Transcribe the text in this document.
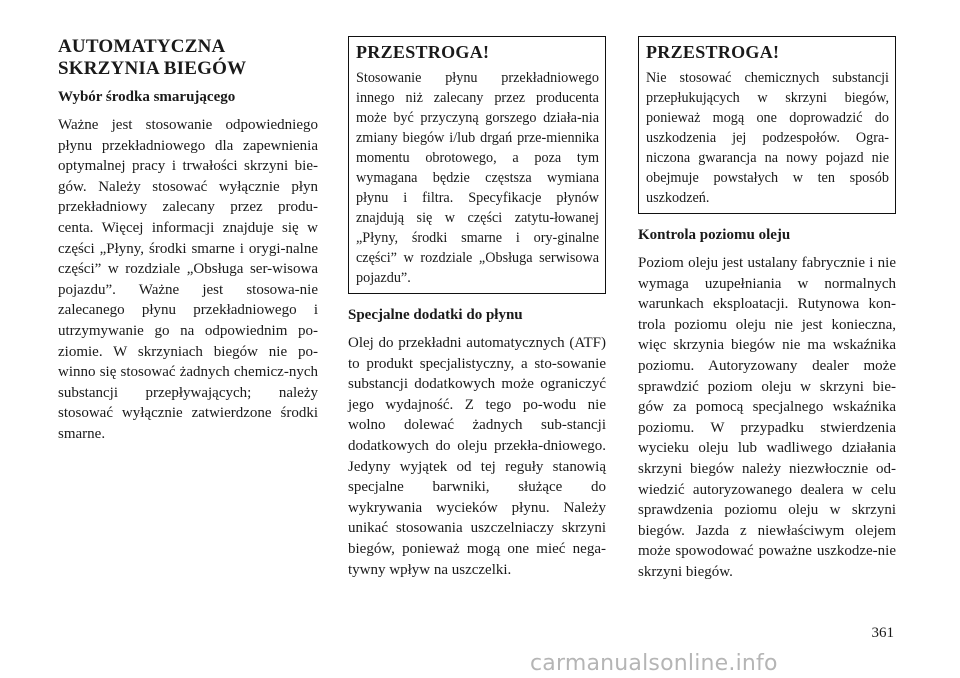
AUTOMATYCZNA
SKRZYNIA BIEGÓW
Wybór środka smarującego

Ważne jest stosowanie odpowiedniego płynu przekładniowego dla zapewnienia optymalnej pracy i trwałości skrzyni bie-gów. Należy stosować wyłącznie płyn przekładniowy zalecany przez produ-centa. Więcej informacji znajduje się w części „Płyny, środki smarne i orygi-nalne części” w rozdziale „Obsługa ser-wisowa pojazdu”. Ważne jest stosowa-nie zalecanego płynu przekładniowego i utrzymywanie go na odpowiednim po-ziomie. W skrzyniach biegów nie po-winno się stosować żadnych chemicz-nych substancji przepływających; należy stosować wyłącznie zatwierdzone środki smarne.

PRZESTROGA!

Stosowanie płynu przekładniowego innego niż zalecany przez producenta może być przyczyną gorszego działa-nia zmiany biegów i/lub drgań prze-miennika momentu obrotowego, a poza tym wymagana będzie częstsza wymiana płynu i filtra. Specyfikacje płynów znajdują się w części zatytu-łowanej „Płyny, środki smarne i ory-ginalne części” w rozdziale „Obsługa serwisowa pojazdu”.

Specjalne dodatki do płynu

Olej do przekładni automatycznych (ATF) to produkt specjalistyczny, a sto-sowanie substancji dodatkowych może ograniczyć jego wydajność. Z tego po-wodu nie wolno dolewać żadnych sub-stancji dodatkowych do oleju przekła-dniowego. Jedyny wyjątek od tej reguły stanowią specjalne barwniki, służące do wykrywania wycieków płynu. Należy unikać stosowania uszczelniaczy skrzyni biegów, ponieważ mogą one mieć nega-tywny wpływ na uszczelki.

PRZESTROGA!

Nie stosować chemicznych substancji przepłukujących w skrzyni biegów, ponieważ mogą one doprowadzić do uszkodzenia jej podzespołów. Ogra-niczona gwarancja na nowy pojazd nie obejmuje powstałych w ten sposób uszkodzeń.

Kontrola poziomu oleju

Poziom oleju jest ustalany fabrycznie i nie wymaga uzupełniania w normalnych warunkach eksploatacji. Rutynowa kon-trola poziomu oleju nie jest konieczna, więc skrzynia biegów nie ma wskaźnika poziomu. Autoryzowany dealer może sprawdzić poziom oleju w skrzyni bie-gów za pomocą specjalnego wskaźnika poziomu. W przypadku stwierdzenia wycieku oleju lub wadliwego działania skrzyni biegów należy niezwłocznie od-wiedzić autoryzowanego dealera w celu sprawdzenia poziomu oleju w skrzyni biegów. Jazda z niewłaściwym olejem może spowodować poważne uszkodze-nie skrzyni biegów.

361
carmanualsonline.info
